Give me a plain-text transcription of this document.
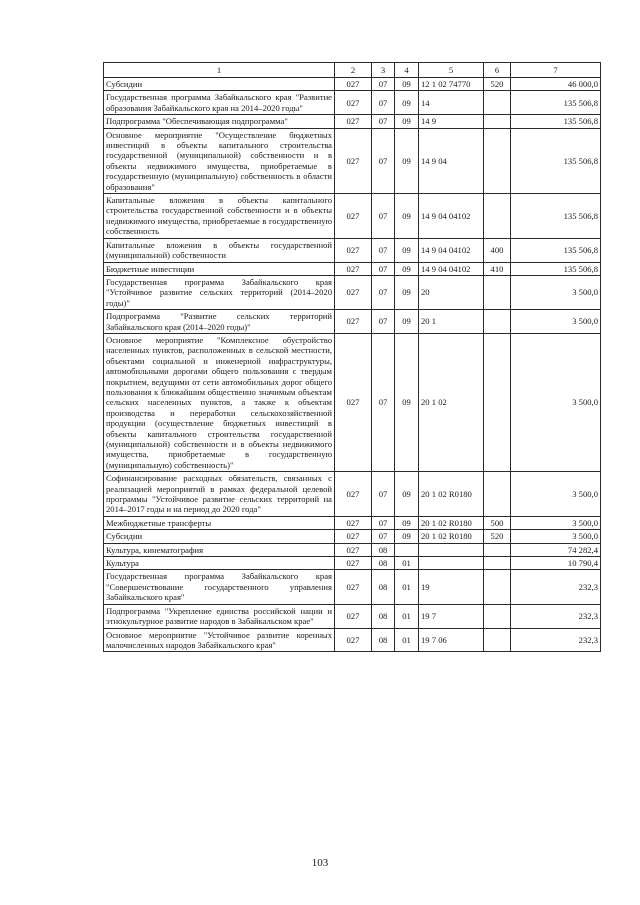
1	2	3	4	5	6	7
Субсидии	027	07	09	12 1 02 74770	520	46 000,0
Государственная программа Забайкальского края "Развитие образования Забайкальского края на 2014–2020 годы"	027	07	09	14		135 506,8
Подпрограмма "Обеспечивающая подпрограмма"	027	07	09	14 9		135 506,8
Основное мероприятие "Осуществление бюджетных инвестиций в объекты капитального строительства государственной (муниципальной) собственности и в объекты недвижимого имущества, приобретаемые в государственную (муниципальную) собственность в области образования"	027	07	09	14 9 04		135 506,8
Капитальные вложения в объекты капитального строительства государственной собственности и в объекты недвижимого имущества, приобретаемые в государственную собственность	027	07	09	14 9 04 04102		135 506,8
Капитальные вложения в объекты государственной (муниципальной) собственности	027	07	09	14 9 04 04102	400	135 506,8
Бюджетные инвестиции	027	07	09	14 9 04 04102	410	135 506,8
Государственная программа Забайкальского края "Устойчивое развитие сельских территорий (2014–2020 годы)"	027	07	09	20		3 500,0
Подпрограмма "Развитие сельских территорий Забайкальского края (2014–2020 годы)"	027	07	09	20 1		3 500,0
Основное мероприятие "Комплексное обустройство населенных пунктов, расположенных в сельской местности, объектами социальной и инженерной инфраструктуры, автомобильными дорогами общего пользования с твердым покрытием, ведущими от сети автомобильных дорог общего пользования к ближайшим общественно значимым объектам сельских населенных пунктов, а также к объектам производства и переработки сельскохозяйственной продукции (осуществление бюджетных инвестиций в объекты капитального строительства государственной (муниципальной) собственности и в объекты недвижимого имущества, приобретаемые в государственную (муниципальную) собственность)"	027	07	09	20 1 02		3 500,0
Софинансирование расходных обязательств, связанных с реализацией мероприятий в рамках федеральной целевой программы "Устойчивое развитие сельских территорий на 2014–2017 годы и на период до 2020 года"	027	07	09	20 1 02 R0180		3 500,0
Межбюджетные трансферты	027	07	09	20 1 02 R0180	500	3 500,0
Субсидии	027	07	09	20 1 02 R0180	520	3 500,0
Культура, кинематография	027	08				74 282,4
Культура	027	08	01			10 790,4
Государственная программа Забайкальского края "Совершенствование государственного управления Забайкальского края"	027	08	01	19		232,3
Подпрограмма "Укрепление единства российской нации и этнокультурное развитие народов в Забайкальском крае"	027	08	01	19 7		232,3
Основное мероприятие "Устойчивое развитие коренных малочисленных народов Забайкальского края"	027	08	01	19 7 06		232,3
103
